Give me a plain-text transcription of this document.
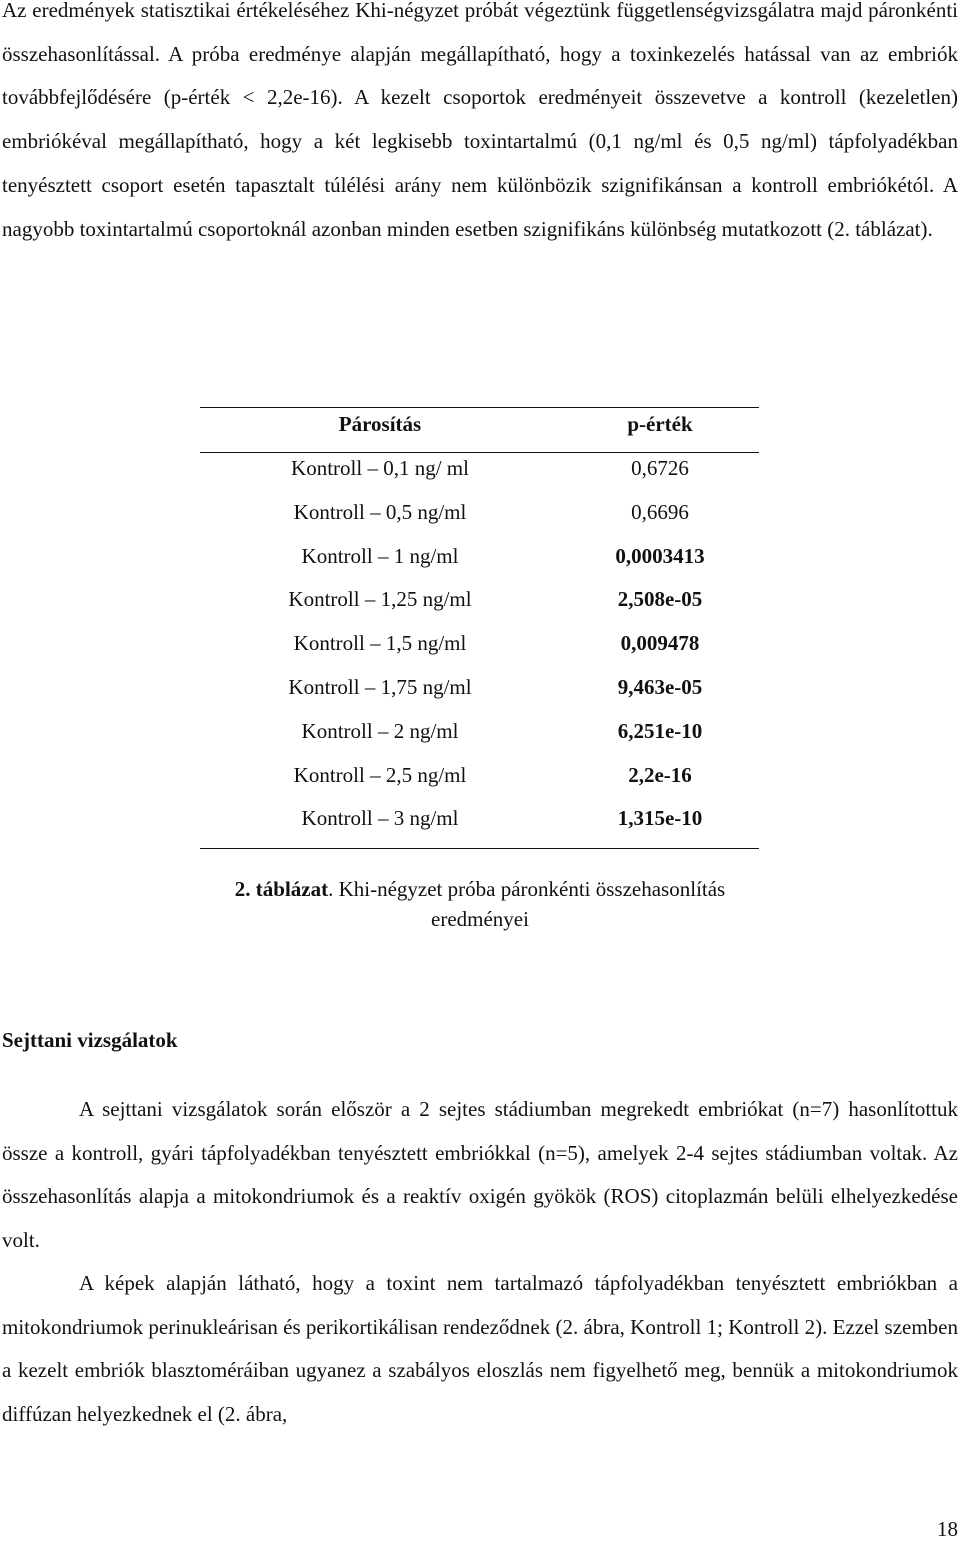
Az eredmények statisztikai értékeléséhez Khi-négyzet próbát végeztünk függetlenségvizsgálatra majd páronkénti összehasonlítással. A próba eredménye alapján megállapítható, hogy a toxinkezelés hatással van az embriók továbbfejlődésére (p-érték < 2,2e-16). A kezelt csoportok eredményeit összevetve a kontroll (kezeletlen) embriókéval megállapítható, hogy a két legkisebb toxintartalmú (0,1 ng/ml és 0,5 ng/ml) tápfolyadékban tenyésztett csoport esetén tapasztalt túlélési arány nem különbözik szignifikánsan a kontroll embriókétól. A nagyobb toxintartalmú csoportoknál azonban minden esetben szignifikáns különbség mutatkozott (2. táblázat).

Párosítás	p-érték
Kontroll – 0,1 ng/ ml	0,6726
Kontroll – 0,5 ng/ml	0,6696
Kontroll – 1 ng/ml	0,0003413
Kontroll – 1,25 ng/ml	2,508e-05
Kontroll – 1,5 ng/ml	0,009478
Kontroll – 1,75 ng/ml	9,463e-05
Kontroll – 2 ng/ml	6,251e-10
Kontroll – 2,5 ng/ml	2,2e-16
Kontroll – 3 ng/ml	1,315e-10
2. táblázat. Khi-négyzet próba páronkénti összehasonlítás eredményei
Sejttani vizsgálatok

A sejttani vizsgálatok során először a 2 sejtes stádiumban megrekedt embriókat (n=7) hasonlítottuk össze a kontroll, gyári tápfolyadékban tenyésztett embriókkal (n=5), amelyek 2-4 sejtes stádiumban voltak. Az összehasonlítás alapja a mitokondriumok és a reaktív oxigén gyökök (ROS) citoplazmán belüli elhelyezkedése volt.

A képek alapján látható, hogy a toxint nem tartalmazó tápfolyadékban tenyésztett embriókban a mitokondriumok perinukleárisan és perikortikálisan rendeződnek (2. ábra, Kontroll 1; Kontroll 2). Ezzel szemben a kezelt embriók blasztoméráiban ugyanez a szabályos eloszlás nem figyelhető meg, bennük a mitokondriumok diffúzan helyezkednek el (2. ábra,

18
